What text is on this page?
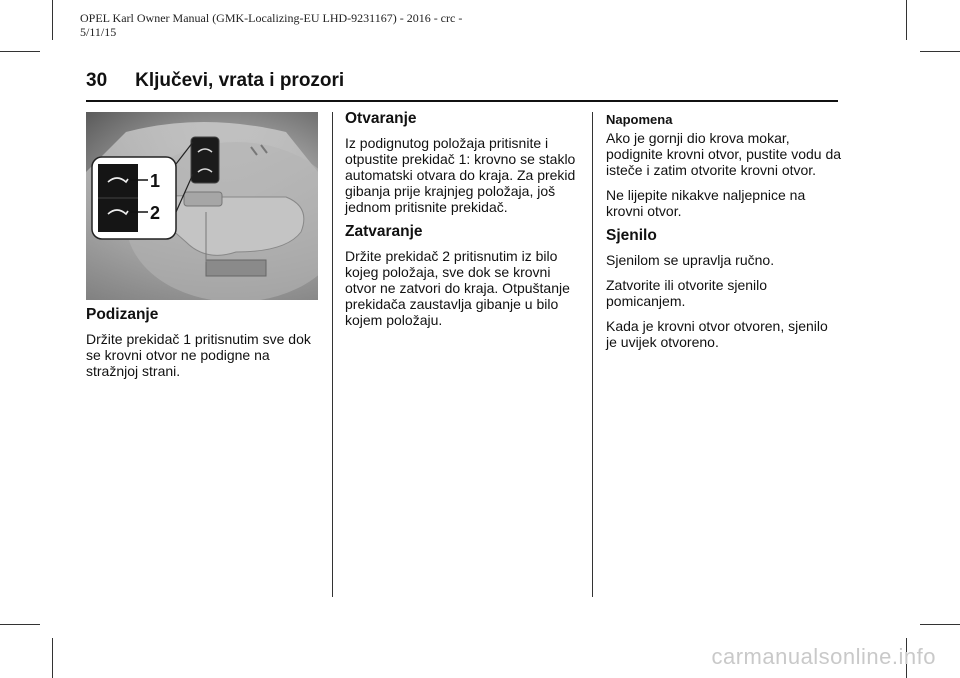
OPEL Karl Owner Manual (GMK-Localizing-EU LHD-9231167) - 2016 - crc -
5/11/15
30 Ključevi, vrata i prozori
1
2
Podizanje

Držite prekidač 1 pritisnutim sve dok se krovni otvor ne podigne na stražnjoj strani.

Otvaranje

Iz podignutog položaja pritisnite i otpustite prekidač 1: krovno se staklo automatski otvara do kraja. Za prekid gibanja prije krajnjeg položaja, još jednom pritisnite prekidač.

Zatvaranje

Držite prekidač 2 pritisnutim iz bilo kojeg položaja, sve dok se krovni otvor ne zatvori do kraja. Otpuštanje prekidača zaustavlja gibanje u bilo kojem položaju.

Napomena

Ako je gornji dio krova mokar, podignite krovni otvor, pustite vodu da isteče i zatim otvorite krovni otvor.

Ne lijepite nikakve naljepnice na krovni otvor.

Sjenilo

Sjenilom se upravlja ručno.

Zatvorite ili otvorite sjenilo pomicanjem.

Kada je krovni otvor otvoren, sjenilo je uvijek otvoreno.

carmanualsonline.info
